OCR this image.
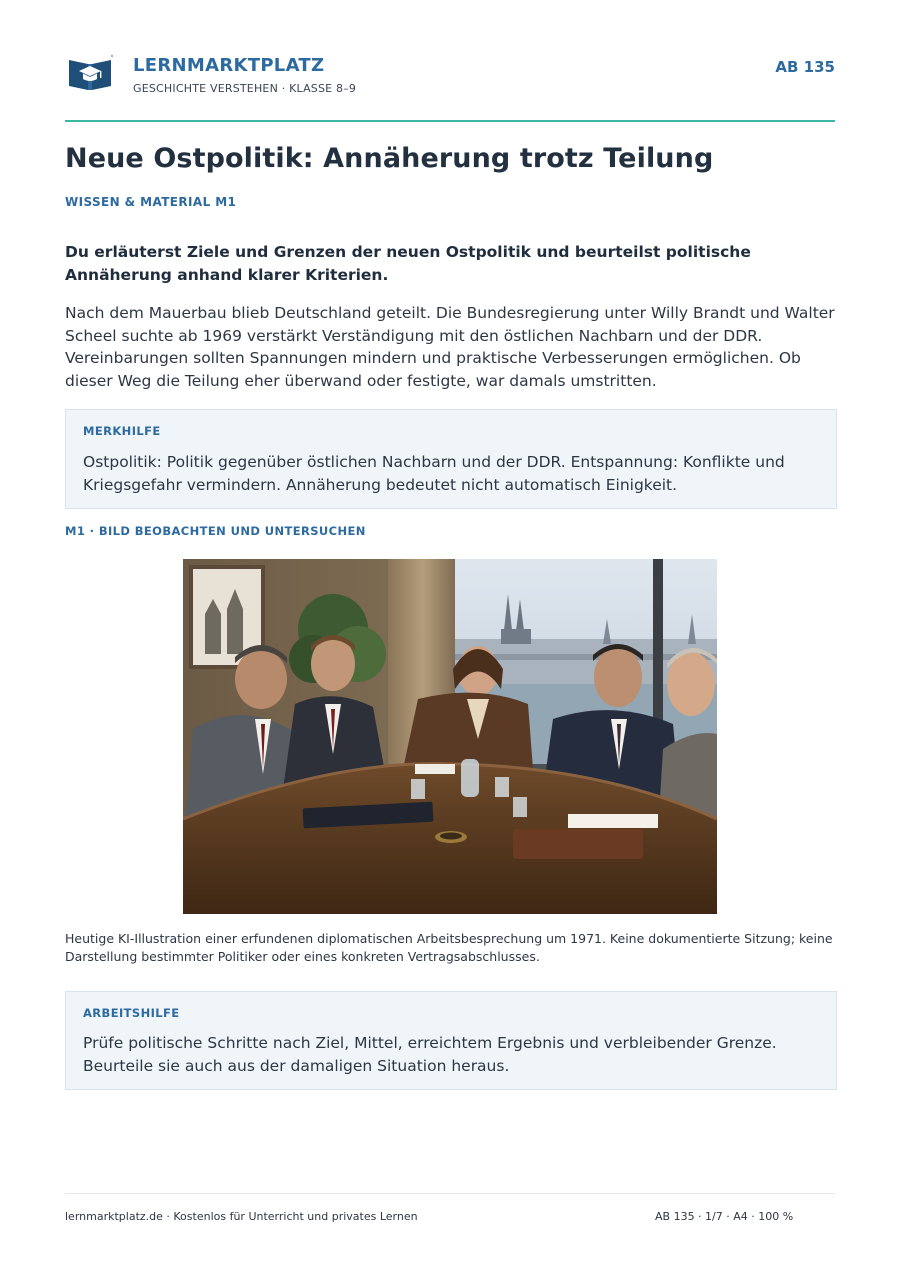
LERNMARKTPLATZ
GESCHICHTE VERSTEHEN · KLASSE 8–9
AB 135
Neue Ostpolitik: Annäherung trotz Teilung
WISSEN & MATERIAL M1
Du erläuterst Ziele und Grenzen der neuen Ostpolitik und beurteilst politische Annäherung anhand klarer Kriterien.
Nach dem Mauerbau blieb Deutschland geteilt. Die Bundesregierung unter Willy Brandt und Walter Scheel suchte ab 1969 verstärkt Verständigung mit den östlichen Nachbarn und der DDR. Vereinbarungen sollten Spannungen mindern und praktische Verbesserungen ermöglichen. Ob dieser Weg die Teilung eher überwand oder festigte, war damals umstritten.
MERKHILFE
Ostpolitik: Politik gegenüber östlichen Nachbarn und der DDR. Entspannung: Konflikte und Kriegsgefahr vermindern. Annäherung bedeutet nicht automatisch Einigkeit.
M1 · BILD BEOBACHTEN UND UNTERSUCHEN
Heutige KI-Illustration einer erfundenen diplomatischen Arbeitsbesprechung um 1971. Keine dokumentierte Sitzung; keine Darstellung bestimmter Politiker oder eines konkreten Vertragsabschlusses.
ARBEITSHILFE
Prüfe politische Schritte nach Ziel, Mittel, erreichtem Ergebnis und verbleibender Grenze. Beurteile sie auch aus der damaligen Situation heraus.
lernmarktplatz.de · Kostenlos für Unterricht und privates Lernen	AB 135 · 1/7 · A4 · 100 %
